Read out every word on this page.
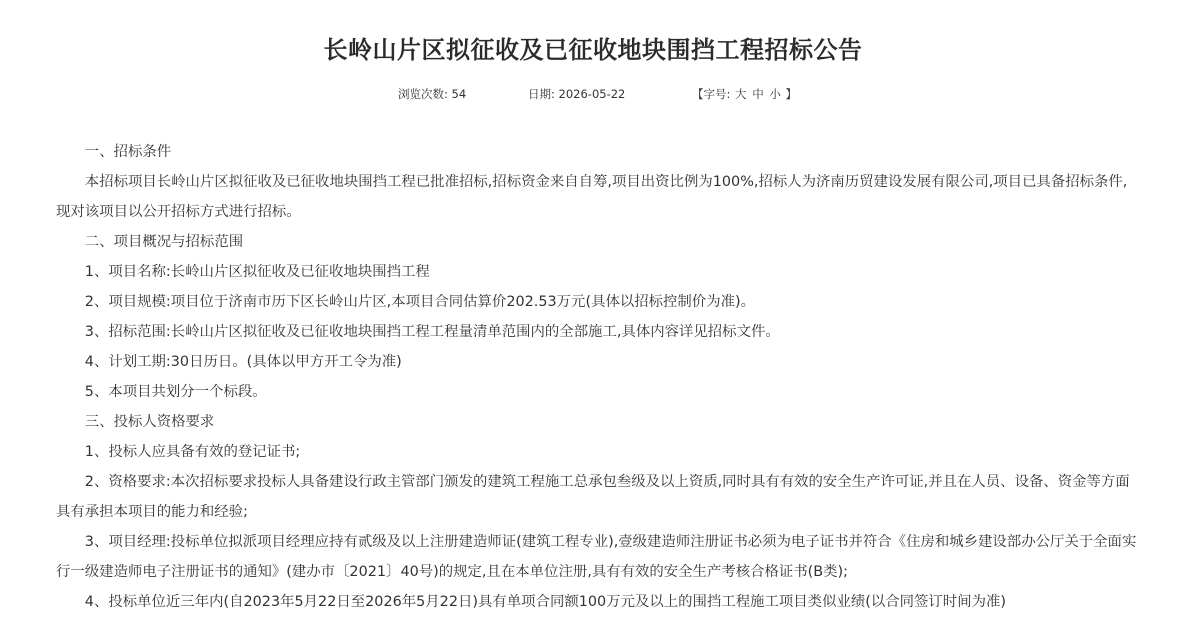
长岭山片区拟征收及已征收地块围挡工程招标公告
浏览次数: 54	日期: 2026-05-22	【字号: 大 中 小 】

一、招标条件

本招标项目长岭山片区拟征收及已征收地块围挡工程已批准招标,招标资金来自自筹,项目出资比例为100%,招标人为济南历贸建设发展有限公司,项目已具备招标条件,现对该项目以公开招标方式进行招标。

二、项目概况与招标范围

1、项目名称:长岭山片区拟征收及已征收地块围挡工程

2、项目规模:项目位于济南市历下区长岭山片区,本项目合同估算价202.53万元(具体以招标控制价为准)。

3、招标范围:长岭山片区拟征收及已征收地块围挡工程工程量清单范围内的全部施工,具体内容详见招标文件。

4、计划工期:30日历日。(具体以甲方开工令为准)

5、本项目共划分一个标段。

三、投标人资格要求

1、投标人应具备有效的登记证书;

2、资格要求:本次招标要求投标人具备建设行政主管部门颁发的建筑工程施工总承包叁级及以上资质,同时具有有效的安全生产许可证,并且在人员、设备、资金等方面具有承担本项目的能力和经验;

3、项目经理:投标单位拟派项目经理应持有贰级及以上注册建造师证(建筑工程专业),壹级建造师注册证书必须为电子证书并符合《住房和城乡建设部办公厅关于全面实行一级建造师电子注册证书的通知》(建办市〔2021〕40号)的规定,且在本单位注册,具有有效的安全生产考核合格证书(B类);

4、投标单位近三年内(自2023年5月22日至2026年5月22日)具有单项合同额100万元及以上的围挡工程施工项目类似业绩(以合同签订时间为准)
